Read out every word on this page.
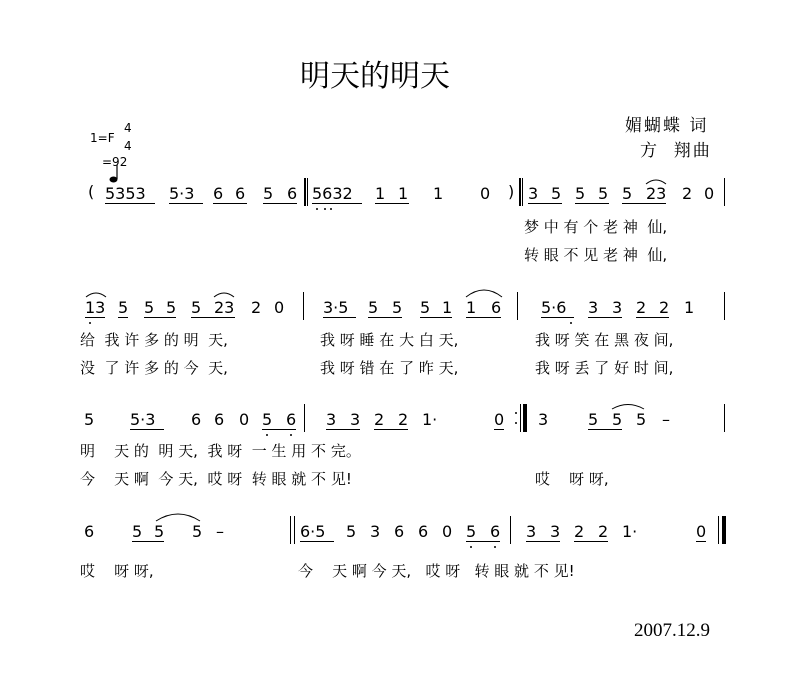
明天的明天
媚蝴蝶 词
方  翔曲
1=F
4
4

=92
( 5353 5·3 6 6 5 6 5632 1 1 1 0 ) 3 5 5 5 5 23 2 0
梦 中 有 个 老 神  仙,
转 眼 不 见 老 神  仙,
13 5 5 5 5 23 2 0 3·5 5 5 5 1 1 6 5·6 3 3 2 2 1
给  我 许 多 的 明  天,	我 呀 睡 在 大 白 天,	我 呀 笑 在 黑 夜 间,
没  了 许 多 的 今  天,	我 呀 错 在 了 昨 天,	我 呀 丢 了 好 时 间,
5 5·3 6 6 0 5 6 3 3 2 2 1·	0 3 5 5 5 –
明    天 的  明 天,  我 呀  一 生 用 不 完。
今    天 啊  今 天,  哎 呀  转 眼 就 不 见!	哎    呀 呀,
6 5 5 5 –	6·5 5 3 6 6 0 5 6 3 3 2 2 1·	0
哎    呀 呀,	今    天 啊 今 天,   哎 呀   转 眼 就 不 见!
2007.12.9
